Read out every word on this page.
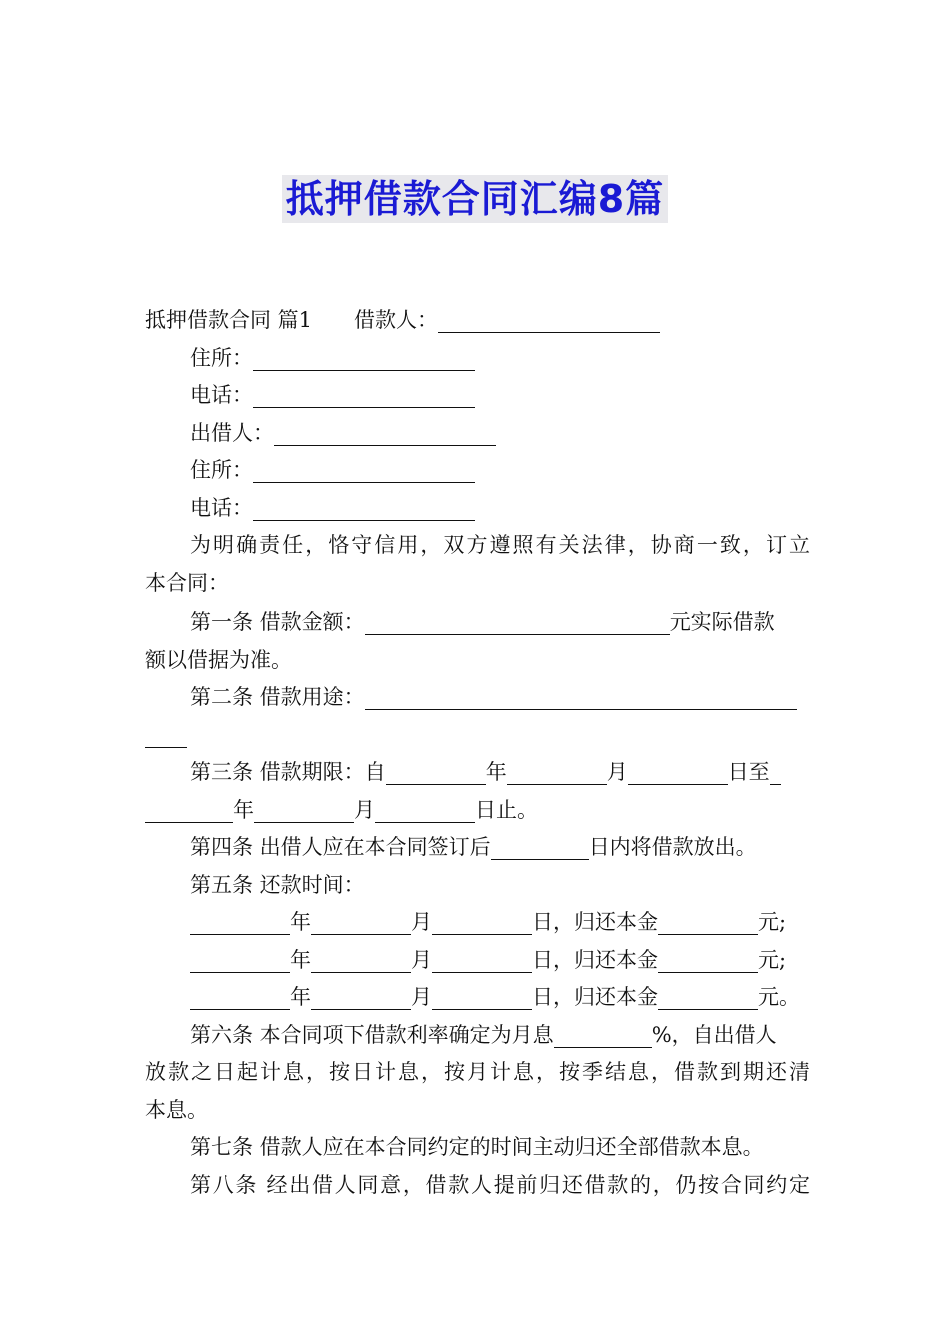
抵押借款合同汇编8篇
抵押借款合同 篇1 借款人：
住所：
电话：
出借人：
住所：
电话：
为明确责任，恪守信用，双方遵照有关法律，协商一致，订立
本合同：
第一条 借款金额：	元实际借款
额以借据为准。
第二条 借款用途：
第三条 借款期限：自	年	月	日至
年	月	日止。
第四条 出借人应在本合同签订后	日内将借款放出。
第五条 还款时间：
年	月	日，归还本金	元;
年	月	日，归还本金	元;
年	月	日，归还本金	元。
第六条 本合同项下借款利率确定为月息	%，自出借人
放款之日起计息，按日计息，按月计息，按季结息，借款到期还清
本息。
第七条 借款人应在本合同约定的时间主动归还全部借款本息。
第八条 经出借人同意，借款人提前归还借款的，仍按合同约定
